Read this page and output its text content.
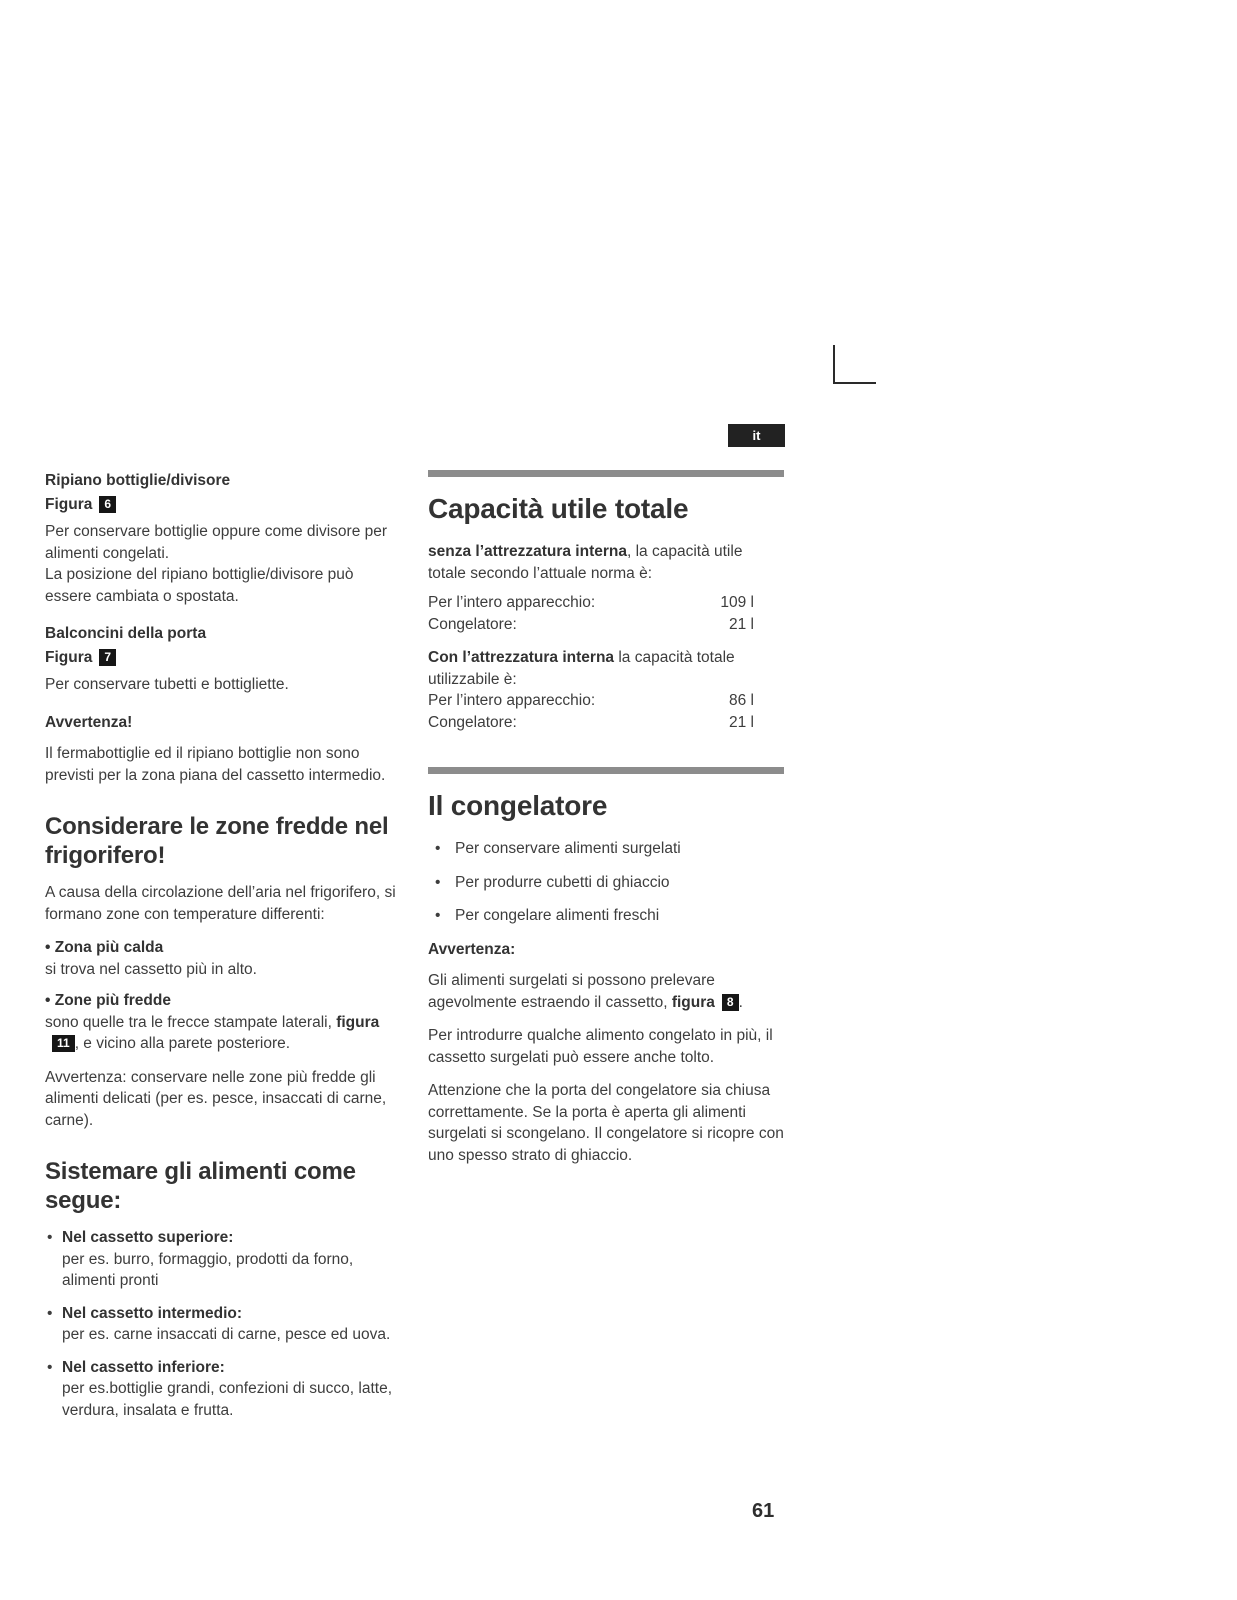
it
Ripiano bottiglie/divisore
Figura 6

Per conservare bottiglie oppure come divisore per alimenti congelati.

La posizione del ripiano bottiglie/divisore può essere cambiata o spostata.

Balconcini della porta
Figura 7

Per conservare tubetti e bottigliette.

Avvertenza!

Il fermabottiglie ed il ripiano bottiglie non sono previsti per la zona piana del cassetto intermedio.

Considerare le zone fredde nel frigorifero!

A causa della circolazione dell’aria nel frigorifero, si formano zone con temperature differenti:

• Zona più calda

si trova nel cassetto più in alto.

• Zone più fredde

sono quelle tra le frecce stampate laterali, figura11 , e vicino alla parete posteriore.

Avvertenza: conservare nelle zone più fredde gli alimenti delicati (per es. pesce, insaccati di carne, carne).

Sistemare gli alimenti come segue:
• Nel cassetto superiore:
per es. burro, formaggio, prodotti da forno, alimenti pronti
• Nel cassetto intermedio:
per es. carne insaccati di carne, pesce ed uova.
• Nel cassetto inferiore:
per es.bottiglie grandi, confezioni di succo, latte, verdura, insalata e frutta.
Capacità utile totale

senza l’attrezzatura interna, la capacità utile totale secondo l’attuale norma è:

Per l’intero apparecchio:	109 l
Congelatore:	21 l

Con l’attrezzatura interna la capacità totale utilizzabile è:

Per l’intero apparecchio:	86 l
Congelatore:	21 l
Il congelatore
• Per conservare alimenti surgelati
• Per produrre cubetti di ghiaccio
• Per congelare alimenti freschi
Avvertenza:

Gli alimenti surgelati si possono prelevare agevolmente estraendo il cassetto, figura 8 .

Per introdurre qualche alimento congelato in più, il cassetto surgelati può essere anche tolto.

Attenzione che la porta del congelatore sia chiusa correttamente. Se la porta è aperta gli alimenti surgelati si scongelano. Il congelatore si ricopre con uno spesso strato di ghiaccio.

61
